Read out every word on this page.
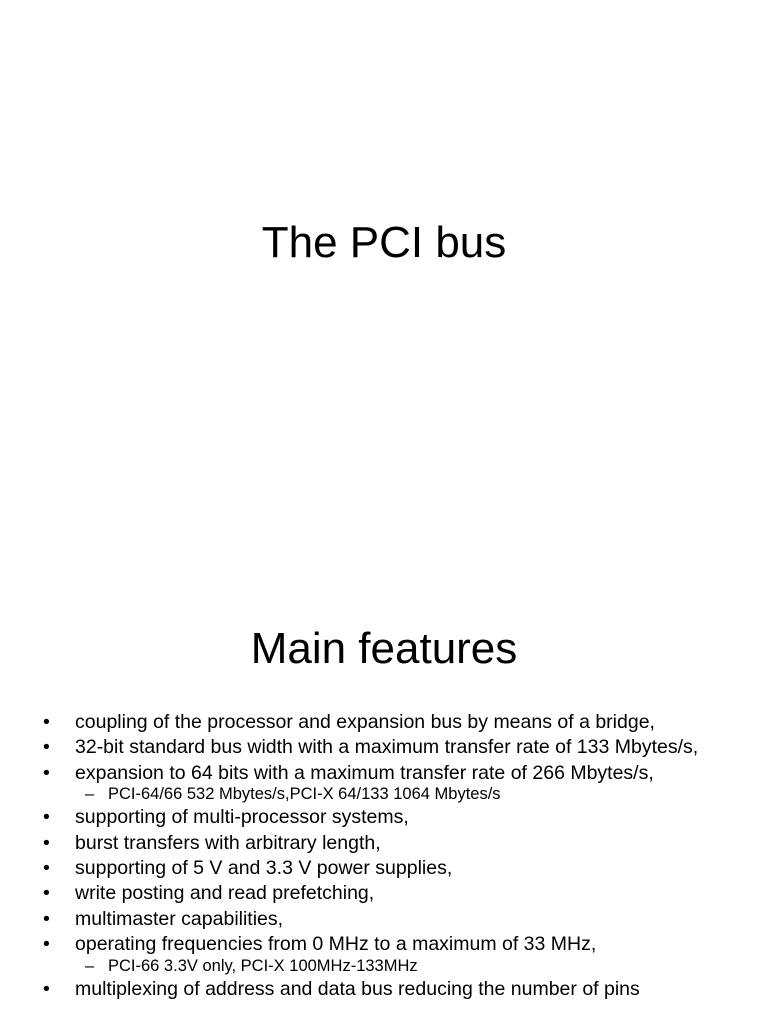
The PCI bus
Main features
• coupling of the processor and expansion bus by means of a bridge,
• 32-bit standard bus width with a maximum transfer rate of 133 Mbytes/s,
• expansion to 64 bits with a maximum transfer rate of 266 Mbytes/s,
– PCI-64/66 532 Mbytes/s,PCI-X 64/133 1064 Mbytes/s
• supporting of multi-processor systems,
• burst transfers with arbitrary length,
• supporting of 5 V and 3.3 V power supplies,
• write posting and read prefetching,
• multimaster capabilities,
• operating frequencies from 0 MHz to a maximum of 33 MHz,
– PCI-66 3.3V only, PCI-X 100MHz-133MHz
• multiplexing of address and data bus reducing the number of pins
